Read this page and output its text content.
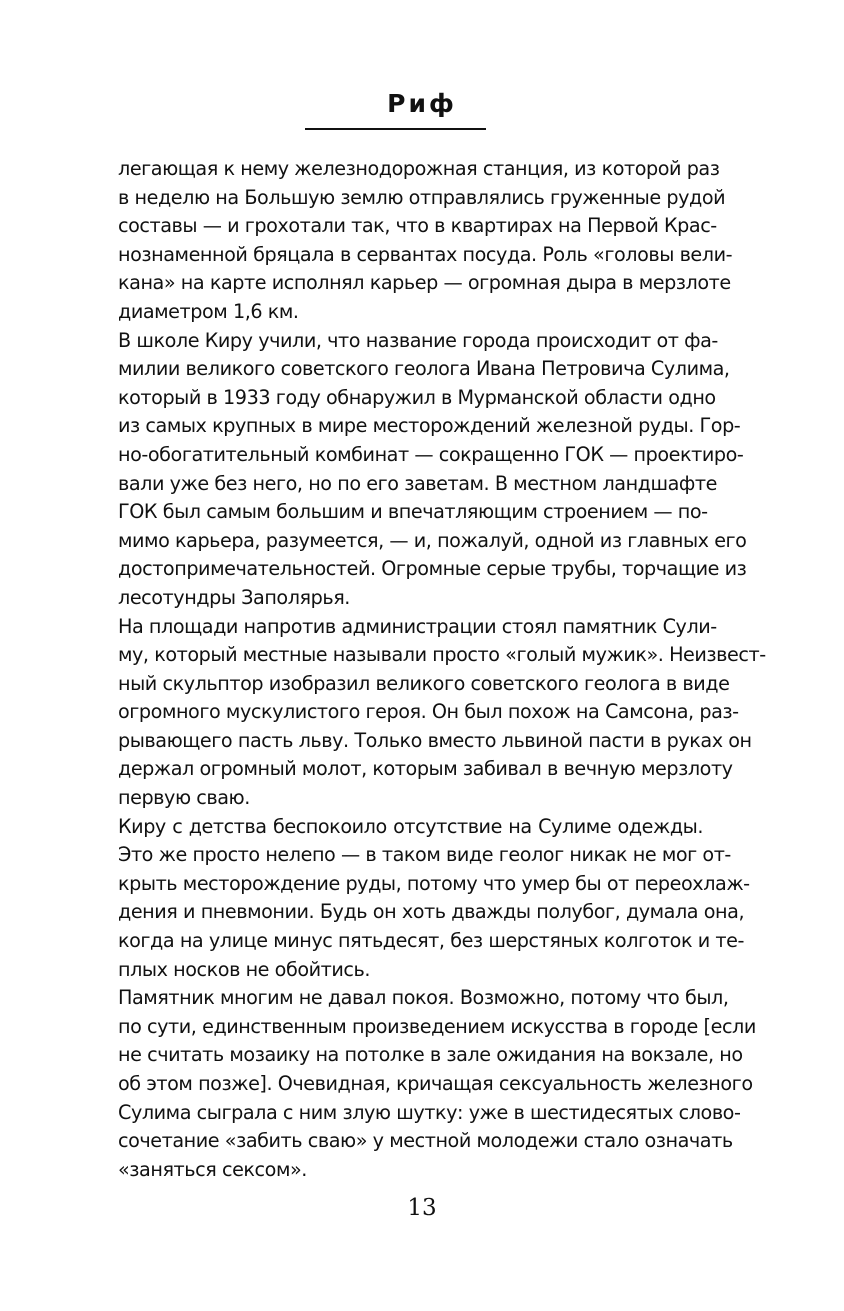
Риф
легающая к нему железнодорожная станция, из которой раз
в неделю на Большую землю отправлялись груженные рудой
составы — и грохотали так, что в квартирах на Первой Крас-
нознаменной бряцала в сервантах посуда. Роль «головы вели-
кана» на карте исполнял карьер — огромная дыра в мерзлоте
диаметром 1,6 км.
В школе Киру учили, что название города происходит от фа-
милии великого советского геолога Ивана Петровича Сулима,
который в 1933 году обнаружил в Мурманской области одно
из самых крупных в мире месторождений железной руды. Гор-
но-обогатительный комбинат — сокращенно ГОК — проектиро-
вали уже без него, но по его заветам. В местном ландшафте
ГОК был самым большим и впечатляющим строением — по-
мимо карьера, разумеется, — и, пожалуй, одной из главных его
достопримечательностей. Огромные серые трубы, торчащие из
лесотундры Заполярья.
На площади напротив администрации стоял памятник Сули-
му, который местные называли просто «голый мужик». Неизвест-
ный скульптор изобразил великого советского геолога в виде
огромного мускулистого героя. Он был похож на Самсона, раз-
рывающего пасть льву. Только вместо львиной пасти в руках он
держал огромный молот, которым забивал в вечную мерзлоту
первую сваю.
Киру с детства беспокоило отсутствие на Сулиме одежды.
Это же просто нелепо — в таком виде геолог никак не мог от-
крыть месторождение руды, потому что умер бы от переохлаж-
дения и пневмонии. Будь он хоть дважды полубог, думала она,
когда на улице минус пятьдесят, без шерстяных колготок и те-
плых носков не обойтись.
Памятник многим не давал покоя. Возможно, потому что был,
по сути, единственным произведением искусства в городе [если
не считать мозаику на потолке в зале ожидания на вокзале, но
об этом позже]. Очевидная, кричащая сексуальность железного
Сулима сыграла с ним злую шутку: уже в шестидесятых слово-
сочетание «забить сваю» у местной молодежи стало означать
«заняться сексом».
13
